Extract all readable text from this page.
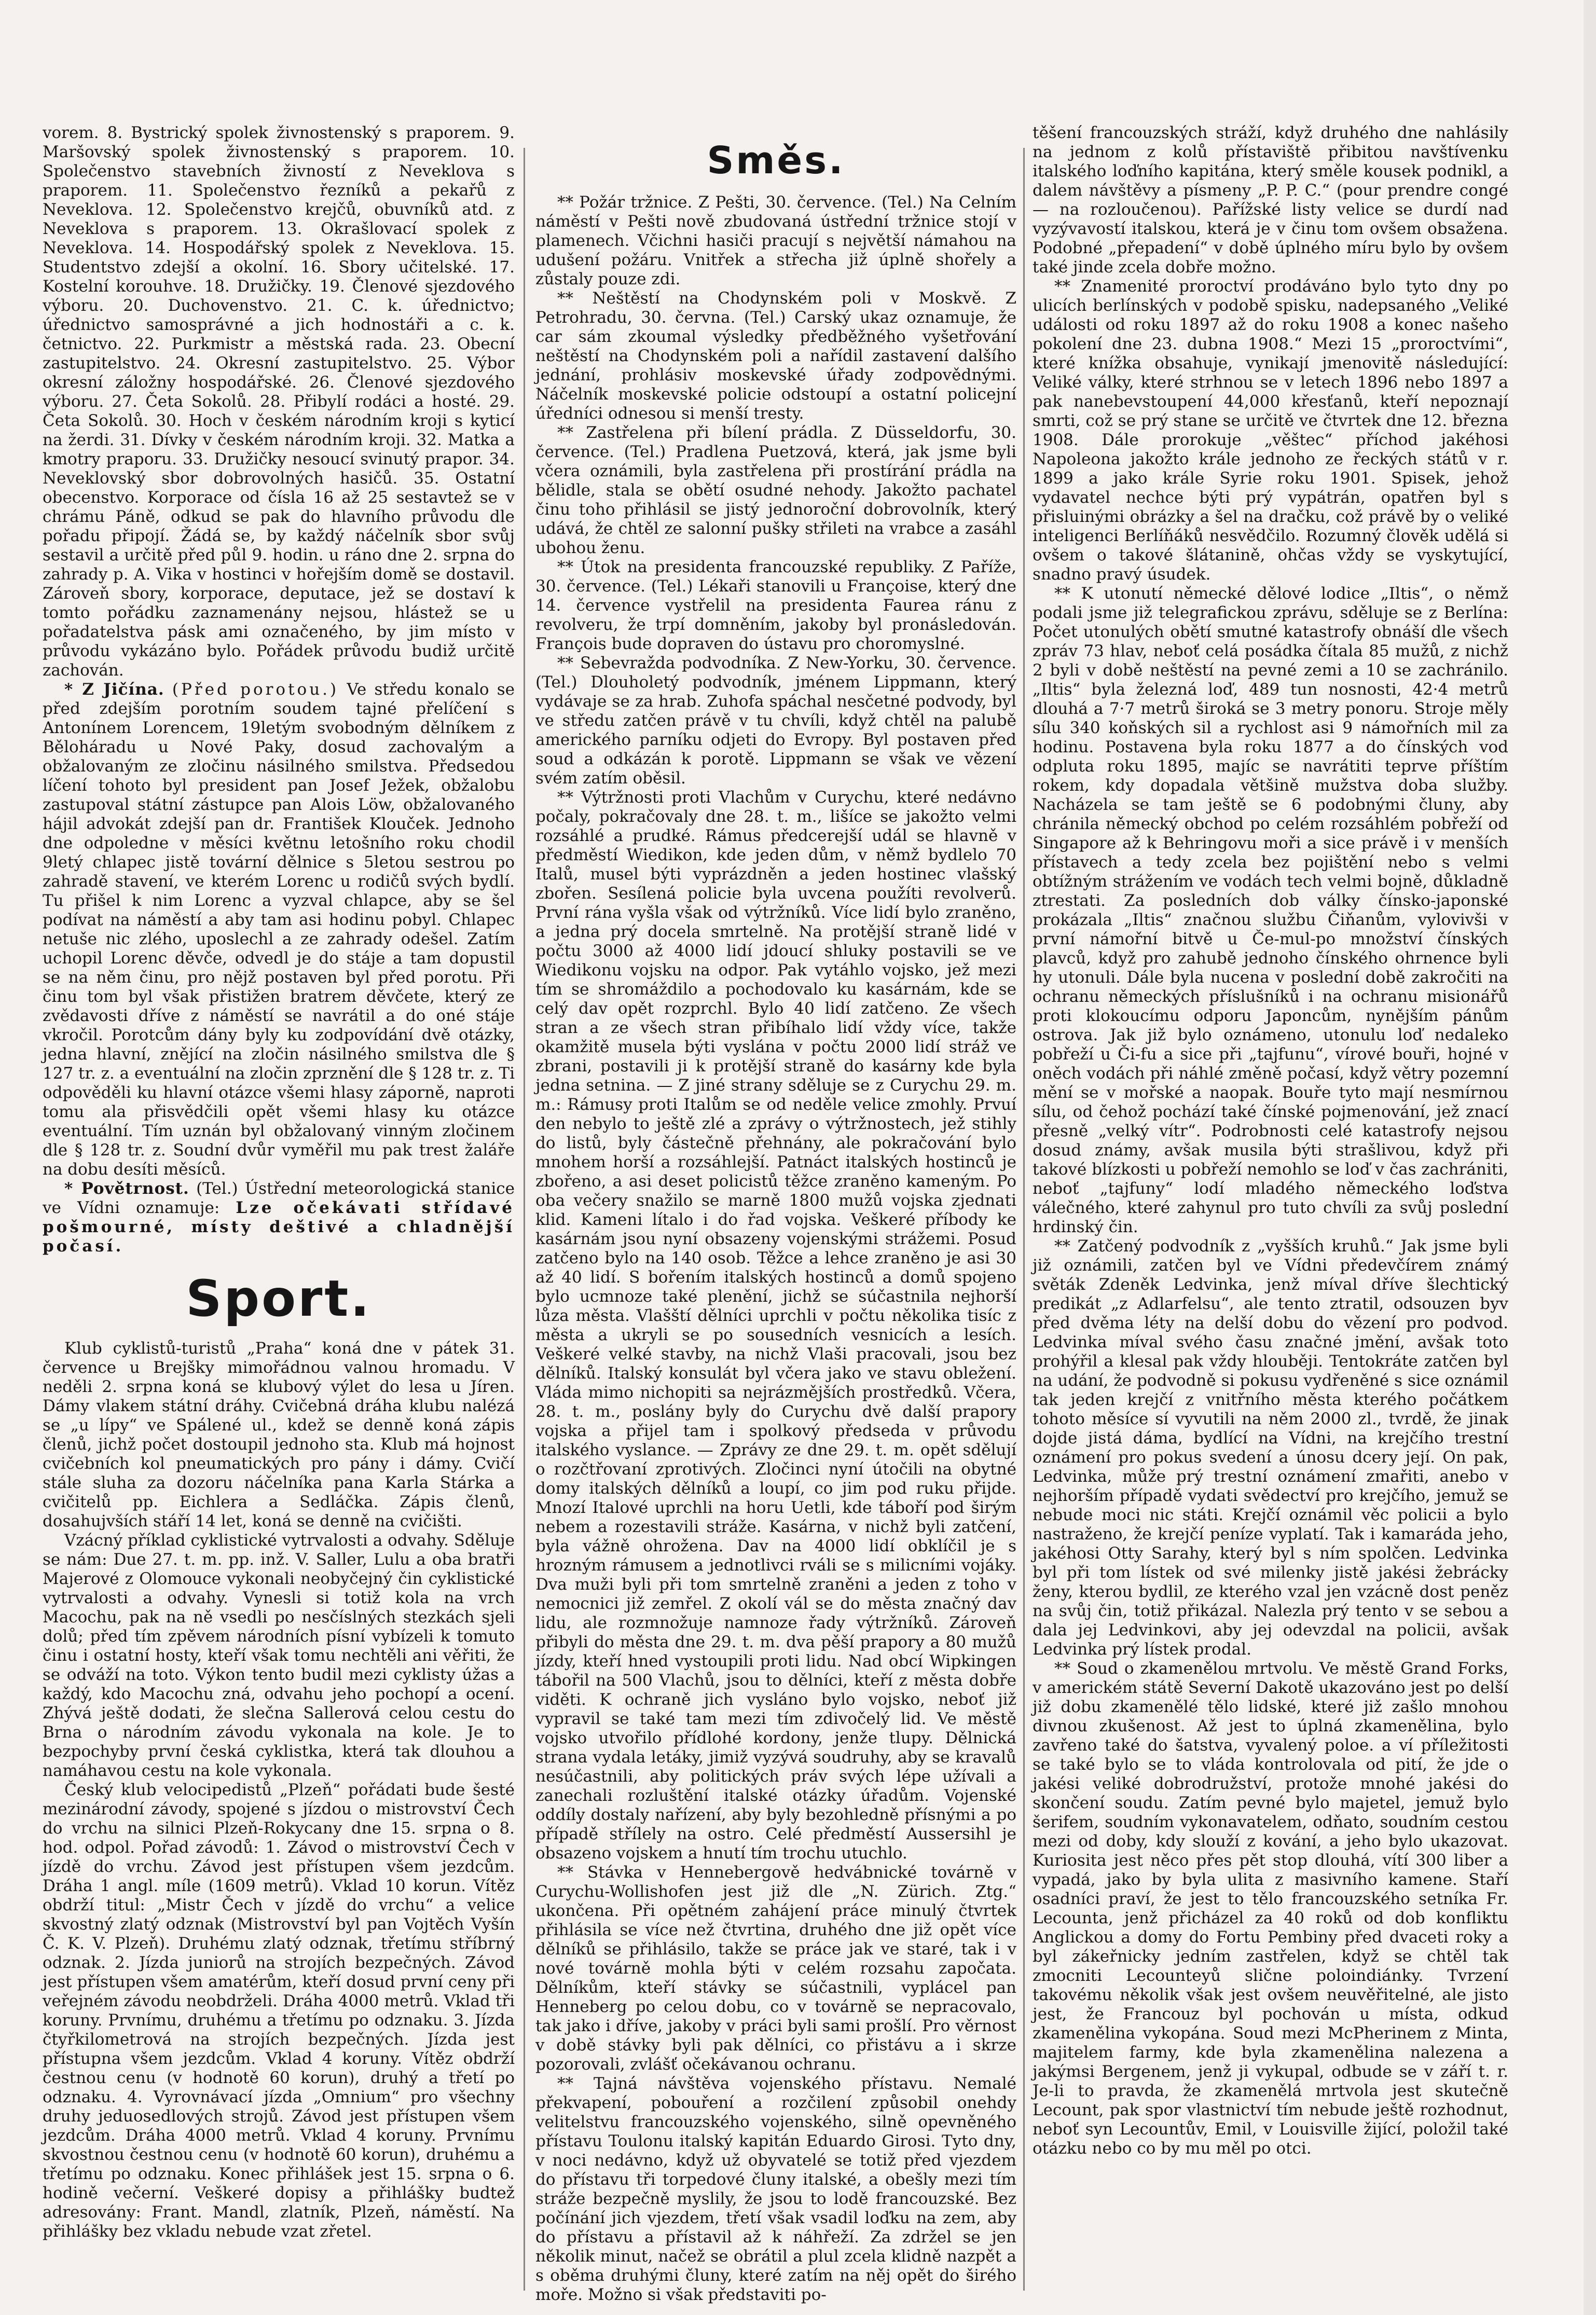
vorem. 8. Bystrický spolek živnostenský s praporem. 9. Maršovský spolek živnostenský s praporem. 10. Společenstvo stavebních živností z Neveklova s praporem. 11. Společenstvo řezníků a pekařů z Neveklova. 12. Společenstvo krejčů, obuvníků atd. z Neveklova s praporem. 13. Okrašlovací spolek z Neveklova. 14. Hospodářský spolek z Neveklova. 15. Studentstvo zdejší a okolní. 16. Sbory učitelské. 17. Kostelní korouhve. 18. Družičky. 19. Členové sjezdového výboru. 20. Duchovenstvo. 21. C. k. úřednictvo; úřednictvo samosprávné a jich hodnostáři a c. k. četnictvo. 22. Purkmistr a městská rada. 23. Obecní zastupitelstvo. 24. Okresní zastupitelstvo. 25. Výbor okresní záložny hospodářské. 26. Členové sjezdového výboru. 27. Četa Sokolů. 28. Přibylí rodáci a hosté. 29. Četa Sokolů. 30. Hoch v českém národním kroji s kyticí na žerdi. 31. Dívky v českém národním kroji. 32. Matka a kmotry praporu. 33. Družičky nesoucí svinutý prapor. 34. Neveklovský sbor dobrovolných hasičů. 35. Ostatní obecenstvo. Korporace od čísla 16 až 25 sestavtež se v chrámu Páně, odkud se pak do hlavního průvodu dle pořadu připojí. Žádá se, by každý náčelník sbor svůj sestavil a určitě před půl 9. hodin. u ráno dne 2. srpna do zahrady p. A. Vika v hostinci v hořejším domě se dostavil. Zároveň sbory, korporace, deputace, jež se dostaví k tomto pořádku zaznamenány nejsou, hlástež se u pořadatelstva pásk ami označeného, by jim místo v průvodu vykázáno bylo. Pořádek průvodu budiž určitě zachován.

* Z Jičína. (Před porotou.) Ve středu konalo se před zdejším porotním soudem tajné přelíčení s Antonínem Lorencem, 19letým svobodným dělníkem z Běloháradu u Nové Paky, dosud zachovalým a obžalovaným ze zločinu násilného smilstva. Předsedou líčení tohoto byl president pan Josef Ježek, obžalobu zastupoval státní zástupce pan Alois Löw, obžalovaného hájil advokát zdejší pan dr. František Klouček. Jednoho dne odpoledne v měsíci květnu letošního roku chodil 9letý chlapec jistě tovární dělnice s 5letou sestrou po zahradě stavení, ve kterém Lorenc u rodičů svých bydlí. Tu přišel k nim Lorenc a vyzval chlapce, aby se šel podívat na náměstí a aby tam asi hodinu pobyl. Chlapec netuše nic zlého, uposlechl a ze zahrady odešel. Zatím uchopil Lorenc děvče, odvedl je do stáje a tam dopustil se na něm činu, pro nějž postaven byl před porotu. Při činu tom byl však přistižen bratrem děvčete, který ze zvědavosti dříve z náměstí se navrátil a do oné stáje vkročil. Porotcům dány byly ku zodpovídání dvě otázky, jedna hlavní, znějící na zločin násilného smilstva dle § 127 tr. z. a eventuální na zločin zprznění dle § 128 tr. z. Ti odpověděli ku hlavní otázce všemi hlasy záporně, naproti tomu ala přisvědčili opět všemi hlasy ku otázce eventuální. Tím uznán byl obžalovaný vinným zločinem dle § 128 tr. z. Soudní dvůr vyměřil mu pak trest žaláře na dobu desíti měsíců.

* Povětrnost. (Tel.) Ústřední meteorologická stanice ve Vídni oznamuje: Lze očekávati střídavé pošmourné, místy deštivé a chladnější počasí.

Sport.

Klub cyklistů-turistů „Praha“ koná dne v pátek 31. července u Brejšky mimořádnou valnou hromadu. V neděli 2. srpna koná se klubový výlet do lesa u Jíren. Dámy vlakem státní dráhy. Cvičebná dráha klubu nalézá se „u lípy“ ve Spálené ul., kdež se denně koná zápis členů, jichž počet dostoupil jednoho sta. Klub má hojnost cvičebních kol pneumatických pro pány i dámy. Cvičí stále sluha za dozoru náčelníka pana Karla Stárka a cvičitelů pp. Eichlera a Sedláčka. Zápis členů, dosahujvších stáří 14 let, koná se denně na cvičišti.

Vzácný příklad cyklistické vytrvalosti a odvahy. Sděluje se nám: Due 27. t. m. pp. inž. V. Saller, Lulu a oba bratři Majerové z Olomouce vykonali neobyčejný čin cyklistické vytrvalosti a odvahy. Vynesli si totiž kola na vrch Macochu, pak na ně vsedli po nesčíslných stezkách sjeli dolů; před tím zpěvem národních písní vybízeli k tomuto činu i ostatní hosty, kteří však tomu nechtěli ani věřiti, že se odváží na toto. Výkon tento budil mezi cyklisty úžas a každý, kdo Macochu zná, odvahu jeho pochopí a ocení. Zhývá ještě dodati, že slečna Sallerová celou cestu do Brna o národním závodu vykonala na kole. Je to bezpochyby první česká cyklistka, která tak dlouhou a namáhavou cestu na kole vykonala.

Český klub velocipedistů „Plzeň“ pořádati bude šesté mezinárodní závody, spojené s jízdou o mistrovství Čech do vrchu na silnici Plzeň-Rokycany dne 15. srpna o 8. hod. odpol. Pořad závodů: 1. Závod o mistrovství Čech v jízdě do vrchu. Závod jest přístupen všem jezdcům. Dráha 1 angl. míle (1609 metrů). Vklad 10 korun. Vítěz obdrží titul: „Mistr Čech v jízdě do vrchu“ a velice skvostný zlatý odznak (Mistrovství byl pan Vojtěch Vyšín Č. K. V. Plzeň). Druhému zlatý odznak, třetímu stříbrný odznak. 2. Jízda juniorů na strojích bezpečných. Závod jest přístupen všem amatérům, kteří dosud první ceny při veřejném závodu neobdrželi. Dráha 4000 metrů. Vklad tři koruny. Prvnímu, druhému a třetímu po odznaku. 3. Jízda čtyřkilometrová na strojích bezpečných. Jízda jest přístupna všem jezdcům. Vklad 4 koruny. Vítěz obdrží čestnou cenu (v hodnotě 60 korun), druhý a třetí po odznaku. 4. Vyrovnávací jízda „Omnium“ pro všechny druhy jeduosedlových strojů. Závod jest přístupen všem jezdcům. Dráha 4000 metrů. Vklad 4 koruny. Prvnímu skvostnou čestnou cenu (v hodnotě 60 korun), druhému a třetímu po odznaku. Konec přihlášek jest 15. srpna o 6. hodině večerní. Veškeré dopisy a přihlášky budtež adresovány: Frant. Mandl, zlatník, Plzeň, náměstí. Na přihlášky bez vkladu nebude vzat zřetel.

Směs.

** Požár tržnice. Z Pešti, 30. července. (Tel.) Na Celním náměstí v Pešti nově zbudovaná ústřední tržnice stojí v plamenech. Včichni hasiči pracují s největší námahou na udušení požáru. Vnitřek a střecha již úplně shořely a zůstaly pouze zdi.

** Neštěstí na Chodynském poli v Moskvě. Z Petrohradu, 30. června. (Tel.) Carský ukaz oznamuje, že car sám zkoumal výsledky předběžného vyšetřování neštěstí na Chodynském poli a nařídil zastavení dalšího jednání, prohlásiv moskevské úřady zodpovědnými. Náčelník moskevské policie odstoupí a ostatní policejní úředníci odnesou si menší tresty.

** Zastřelena při bílení prádla. Z Düsseldorfu, 30. července. (Tel.) Pradlena Puetzová, která, jak jsme byli včera oznámili, byla zastřelena při prostírání prádla na bělidle, stala se obětí osudné nehody. Jakožto pachatel činu toho přihlásil se jistý jednoroční dobrovolník, který udává, že chtěl ze salonní pušky střileti na vrabce a zasáhl ubohou ženu.

** Útok na presidenta francouzské republiky. Z Paříže, 30. července. (Tel.) Lékaři stanovili u Françoise, který dne 14. července vystřelil na presidenta Faurea ránu z revolveru, že trpí domněním, jakoby byl pronásledován. François bude dopraven do ústavu pro choromyslné.

** Sebevražda podvodníka. Z New-Yorku, 30. července. (Tel.) Dlouholetý podvodník, jménem Lippmann, který vydávaje se za hrab. Zuhofa spáchal nesčetné podvody, byl ve středu zatčen právě v tu chvíli, když chtěl na palubě amerického parníku odjeti do Evropy. Byl postaven před soud a odkázán k porotě. Lippmann se však ve vězení svém zatím oběsil.

** Výtržnosti proti Vlachům v Curychu, které nedávno počaly, pokračovaly dne 28. t. m., lišíce se jakožto velmi rozsáhlé a prudké. Rámus předcerejší udál se hlavně v předměstí Wiedikon, kde jeden dům, v němž bydlelo 70 Italů, musel býti vyprázdněn a jeden hostinec vlašský zbořen. Sesílená policie byla uvcena použíti revolverů. První rána vyšla však od výtržníků. Více lidí bylo zraněno, a jedna prý docela smrtelně. Na protější straně lidé v počtu 3000 až 4000 lidí jdoucí shluky postavili se ve Wiedikonu vojsku na odpor. Pak vytáhlo vojsko, jež mezi tím se shromáždilo a pochodovalo ku kasárnám, kde se celý dav opět rozprchl. Bylo 40 lidí zatčeno. Ze všech stran a ze všech stran přibíhalo lidí vždy více, takže okamžitě musela býti vyslána v počtu 2000 lidí stráž ve zbrani, postavili ji k protější straně do kasárny kde byla jedna setnina. — Z jiné strany sděluje se z Curychu 29. m. m.: Rámusy proti Italům se od neděle velice zmohly. Prvuí den nebylo to ještě zlé a zprávy o výtržnostech, jež stihly do listů, byly částečně přehnány, ale pokračování bylo mnohem horší a rozsáhlejší. Patnáct italských hostinců je zbořeno, a asi deset policistů těžce zraněno kameným. Po oba večery snažilo se marně 1800 mužů vojska zjednati klid. Kameni lítalo i do řad vojska. Veškeré příbody ke kasárnám jsou nyní obsazeny vojenskými strážemi. Posud zatčeno bylo na 140 osob. Těžce a lehce zraněno je asi 30 až 40 lidí. S bořením italských hostinců a domů spojeno bylo ucmnoze také plenění, jichž se súčastnila nejhorší lůza města. Vlašští dělníci uprchli v počtu několika tisíc z města a ukryli se po sousedních vesnicích a lesích. Veškeré velké stavby, na nichž Vlaši pracovali, jsou bez dělníků. Italský konsulát byl včera jako ve stavu obležení. Vláda mimo nichopiti sa nejrázmějších prostředků. Včera, 28. t. m., poslány byly do Curychu dvě další prapory vojska a přijel tam i spolkový předseda v průvodu italského vyslance. — Zprávy ze dne 29. t. m. opět sdělují o rozčtřovaní zprotivých. Zločinci nyní útočili na obytné domy italských dělníků a loupí, co jim pod ruku přijde. Mnozí Italové uprchli na horu Uetli, kde táboří pod širým nebem a rozestavili stráže. Kasárna, v nichž byli zatčení, byla vážně ohrožena. Dav na 4000 lidí obklíčil je s hrozným rámusem a jednotlivci rváli se s milicními vojáky. Dva muži byli při tom smrtelně zraněni a jeden z toho v nemocnici již zemřel. Z okolí vál se do města značný dav lidu, ale rozmnožuje namnoze řady výtržníků. Zároveň přibyli do města dne 29. t. m. dva pěší prapory a 80 mužů jízdy, kteří hned vystoupili proti lidu. Nad obcí Wipkingen tábořil na 500 Vlachů, jsou to dělníci, kteří z města dobře viděti. K ochraně jich vysláno bylo vojsko, neboť již vypravil se také tam mezi tím zdivočelý lid. Ve městě vojsko utvořilo přídlohé kordony, jenže tlupy. Dělnická strana vydala letáky, jimiž vyzývá soudruhy, aby se kravalů nesúčastnili, aby politických práv svých lépe užívali a zanechali rozluštění italské otázky úřadům. Vojenské oddíly dostaly nařízení, aby byly bezohledně přísnými a po případě střílely na ostro. Celé předměstí Aussersihl je obsazeno vojskem a hnutí tím trochu utuchlo.

** Stávka v Hennebergově hedvábnické továrně v Curychu-Wollishofen jest již dle „N. Zürich. Ztg.“ ukončena. Při opětném zahájení práce minulý čtvrtek přihlásila se více než čtvrtina, druhého dne již opět více dělníků se přihlásilo, takže se práce jak ve staré, tak i v nové továrně mohla býti v celém rozsahu započata. Dělníkům, kteří stávky se súčastnili, vyplácel pan Henneberg po celou dobu, co v továrně se nepracovalo, tak jako i dříve, jakoby v práci byli sami prošlí. Pro věrnost v době stávky byli pak dělníci, co přistávu a i skrze pozorovali, zvlášť očekávanou ochranu.

** Tajná návštěva vojenského přístavu. Nemalé překvapení, pobouření a rozčilení způsobil onehdy velitelstvu francouzského vojenského, silně opevněného přístavu Toulonu italský kapitán Eduardo Girosi. Tyto dny, v noci nedávno, když už obyvatelé se totiž před vjezdem do přístavu tři torpedové čluny italské, a obešly mezi tím stráže bezpečně myslily, že jsou to lodě francouzské. Bez počínání jich vjezdem, třetí však vsadil loďku na zem, aby do přístavu a přístavil až k náhřeží. Za zdržel se jen několik minut, načež se obrátil a plul zcela klidně nazpět a s oběma druhými čluny, které zatím na něj opět do širého moře. Možno si však představiti po-

těšení francouzských stráží, když druhého dne nahlásily na jednom z kolů přístaviště přibitou navštívenku italského loďního kapitána, který směle kousek podnikl, a dalem návštěvy a písmeny „P. P. C.“ (pour prendre congé — na rozloučenou). Pařížské listy velice se durdí nad vyzývavostí italskou, která je v činu tom ovšem obsažena. Podobné „přepadení“ v době úplného míru bylo by ovšem také jinde zcela dobře možno.

** Znamenité proroctví prodáváno bylo tyto dny po ulicích berlínských v podobě spisku, nadepsaného „Veliké události od roku 1897 až do roku 1908 a konec našeho pokolení dne 23. dubna 1908.“ Mezi 15 „proroctvími“, které knížka obsahuje, vynikají jmenovitě následující: Veliké války, které strhnou se v letech 1896 nebo 1897 a pak nanebevstoupení 44,000 křesťanů, kteří nepoznají smrti, což se prý stane se určitě ve čtvrtek dne 12. března 1908. Dále prorokuje „věštec“ příchod jakéhosi Napoleona jakožto krále jednoho ze řeckých států v r. 1899 a jako krále Syrie roku 1901. Spisek, jehož vydavatel nechce býti prý vypátrán, opatřen byl s přisluinými obrázky a šel na dračku, což právě by o veliké inteligenci Berlíňáků nesvědčilo. Rozumný člověk udělá si ovšem o takové šlátanině, ohčas vždy se vyskytující, snadno pravý úsudek.

** K utonutí německé dělové lodice „Iltis“, o němž podali jsme již telegrafickou zprávu, sděluje se z Berlína: Počet utonulých obětí smutné katastrofy obnáší dle všech zpráv 73 hlav, neboť celá posádka čítala 85 mužů, z nichž 2 byli v době neštěstí na pevné zemi a 10 se zachránilo. „Iltis“ byla železná loď, 489 tun nosnosti, 42·4 metrů dlouhá a 7·7 metrů široká se 3 metry ponoru. Stroje měly sílu 340 koňských sil a rychlost asi 9 námořních mil za hodinu. Postavena byla roku 1877 a do čínských vod odpluta roku 1895, majíc se navrátiti teprve příštím rokem, kdy dopadala většině mužstva doba služby. Nacházela se tam ještě se 6 podobnými čluny, aby chránila německý obchod po celém rozsáhlém pobřeží od Singapore až k Behringovu moři a sice právě i v menších přístavech a tedy zcela bez pojištění nebo s velmi obtížným strážením ve vodách tech velmi bojně, důkladně ztrestati. Za posledních dob války čínsko-japonské prokázala „Iltis“ značnou službu Čiňanům, vylovivši v první námořní bitvě u Če-mul-po množství čínských plavců, když pro zahubě jednoho čínského ohrnence byli hy utonuli. Dále byla nucena v poslední době zakročiti na ochranu německých příslušníků i na ochranu misionářů proti klokoucímu odporu Japoncům, nynějším pánům ostrova. Jak již bylo oznámeno, utonulu loď nedaleko pobřeží u Či-fu a sice při „tajfunu“, vírové bouři, hojné v oněch vodách při náhlé změně počasí, když větry pozemní mění se v mořské a naopak. Bouře tyto mají nesmírnou sílu, od čehož pochází také čínské pojmenování, jež znací přesně „velký vítr“. Podrobnosti celé katastrofy nejsou dosud známy, avšak musila býti strašlivou, když při takové blízkosti u pobřeží nemohlo se loď v čas zachrániti, neboť „tajfuny“ lodí mladého německého loďstva válečného, které zahynul pro tuto chvíli za svůj poslední hrdinský čin.

** Zatčený podvodník z „vyšších kruhů.“ Jak jsme byli již oznámili, zatčen byl ve Vídni předevčírem známý světák Zdeněk Ledvinka, jenž míval dříve šlechtický predikát „z Adlarfelsu“, ale tento ztratil, odsouzen byv před dvěma léty na delší dobu do vězení pro podvod. Ledvinka míval svého času značné jmění, avšak toto prohýřil a klesal pak vždy hlouběji. Tentokráte zatčen byl na udání, že podvodně si pokusu vydřeněné s sice oznámil tak jeden krejčí z vnitřního města kterého počátkem tohoto měsíce sí vyvutili na něm 2000 zl., tvrdě, že jinak dojde jistá dáma, bydlící na Vídni, na krejčího trestní oznámení pro pokus svedení a únosu dcery její. On pak, Ledvinka, může prý trestní oznámení zmařiti, anebo v nejhorším případě vydati svědectví pro krejčího, jemuž se nebude moci nic státi. Krejčí oznámil věc policii a bylo nastraženo, že krejčí peníze vyplatí. Tak i kamaráda jeho, jakéhosi Otty Sarahy, který byl s ním spolčen. Ledvinka byl při tom lístek od své milenky jistě jakési žebrácky ženy, kterou bydlil, ze kterého vzal jen vzácně dost peněz na svůj čin, totiž přikázal. Nalezla prý tento v se sebou a dala jej Ledvinkovi, aby jej odevzdal na policii, avšak Ledvinka prý lístek prodal.

** Soud o zkamenělou mrtvolu. Ve městě Grand Forks, v americkém státě Severní Dakotě ukazováno jest po delší již dobu zkamenělé tělo lidské, které již zašlo mnohou divnou zkušenost. Až jest to úplná zkamenělina, bylo zavřeno také do šatstva, vyvalený poloe. a ví příležitosti se také bylo se to vláda kontrolovala od pití, že jde o jakési veliké dobrodružství, protože mnohé jakési do skončení soudu. Zatím pevné bylo majetel, jemuž bylo šerifem, soudním vykonavatelem, odňato, soudním cestou mezi od doby, kdy slouží z kování, a jeho bylo ukazovat. Kuriosita jest něco přes pět stop dlouhá, vítí 300 liber a vypadá, jako by byla ulita z masivního kamene. Staří osadníci praví, že jest to tělo francouzského setníka Fr. Lecounta, jenž přicházel za 40 roků od dob konfliktu Anglickou a domy do Fortu Pembiny před dvaceti roky a byl zákeřnicky jedním zastřelen, když se chtěl tak zmocniti Lecounteyů slične poloindiánky. Tvrzení takovému několik však jest ovšem neuvěřitelné, ale jisto jest, že Francouz byl pochován u místa, odkud zkamenělina vykopána. Soud mezi McPherinem z Minta, majitelem farmy, kde byla zkamenělina nalezena a jakýmsi Bergenem, jenž ji vykupal, odbude se v září t. r. Je-li to pravda, že zkamenělá mrtvola jest skutečně Lecount, pak spor vlastnictví tím nebude ještě rozhodnut, neboť syn Lecountův, Emil, v Louisville žijící, položil také otázku nebo co by mu měl po otci.
